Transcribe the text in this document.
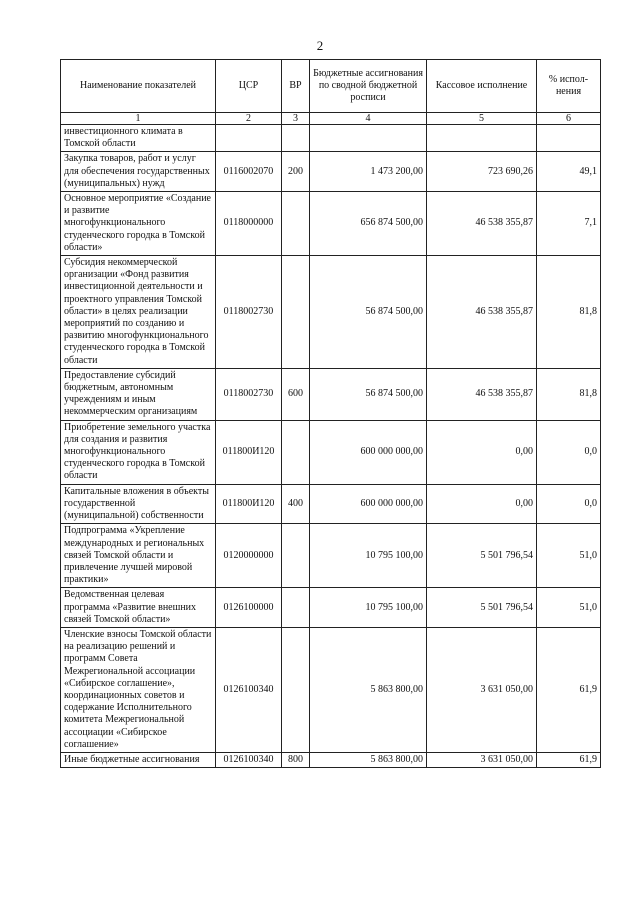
2
Наименование показателей	ЦСР	ВР	Бюджетные ассигнования по сводной бюджетной росписи	Кассовое исполнение	% испол-нения
1	2	3	4	5	6
инвестиционного климата в Томской области					
Закупка товаров, работ и услуг для обеспечения государственных (муниципальных) нужд	0116002070	200	1 473 200,00	723 690,26	49,1
Основное мероприятие «Создание и развитие многофункционального студенческого городка в Томской области»	0118000000		656 874 500,00	46 538 355,87	7,1
Субсидия некоммерческой организации «Фонд развития инвестиционной деятельности и проектного управления Томской области» в целях реализации мероприятий по созданию и развитию многофункционального студенческого городка в Томской области	0118002730		56 874 500,00	46 538 355,87	81,8
Предоставление субсидий бюджетным, автономным учреждениям и иным некоммерческим организациям	0118002730	600	56 874 500,00	46 538 355,87	81,8
Приобретение земельного участка для создания и развития многофункционального студенческого городка в Томской области	011800И120		600 000 000,00	0,00	0,0
Капитальные вложения в объекты государственной (муниципальной) собственности	011800И120	400	600 000 000,00	0,00	0,0
Подпрограмма «Укрепление международных и региональных связей Томской области и привлечение лучшей мировой практики»	0120000000		10 795 100,00	5 501 796,54	51,0
Ведомственная целевая программа «Развитие внешних связей Томской области»	0126100000		10 795 100,00	5 501 796,54	51,0
Членские взносы Томской области на реализацию решений и программ Совета Межрегиональной ассоциации «Сибирское соглашение», координационных советов и содержание Исполнительного комитета Межрегиональной ассоциации «Сибирское соглашение»	0126100340		5 863 800,00	3 631 050,00	61,9
Иные бюджетные ассигнования	0126100340	800	5 863 800,00	3 631 050,00	61,9
